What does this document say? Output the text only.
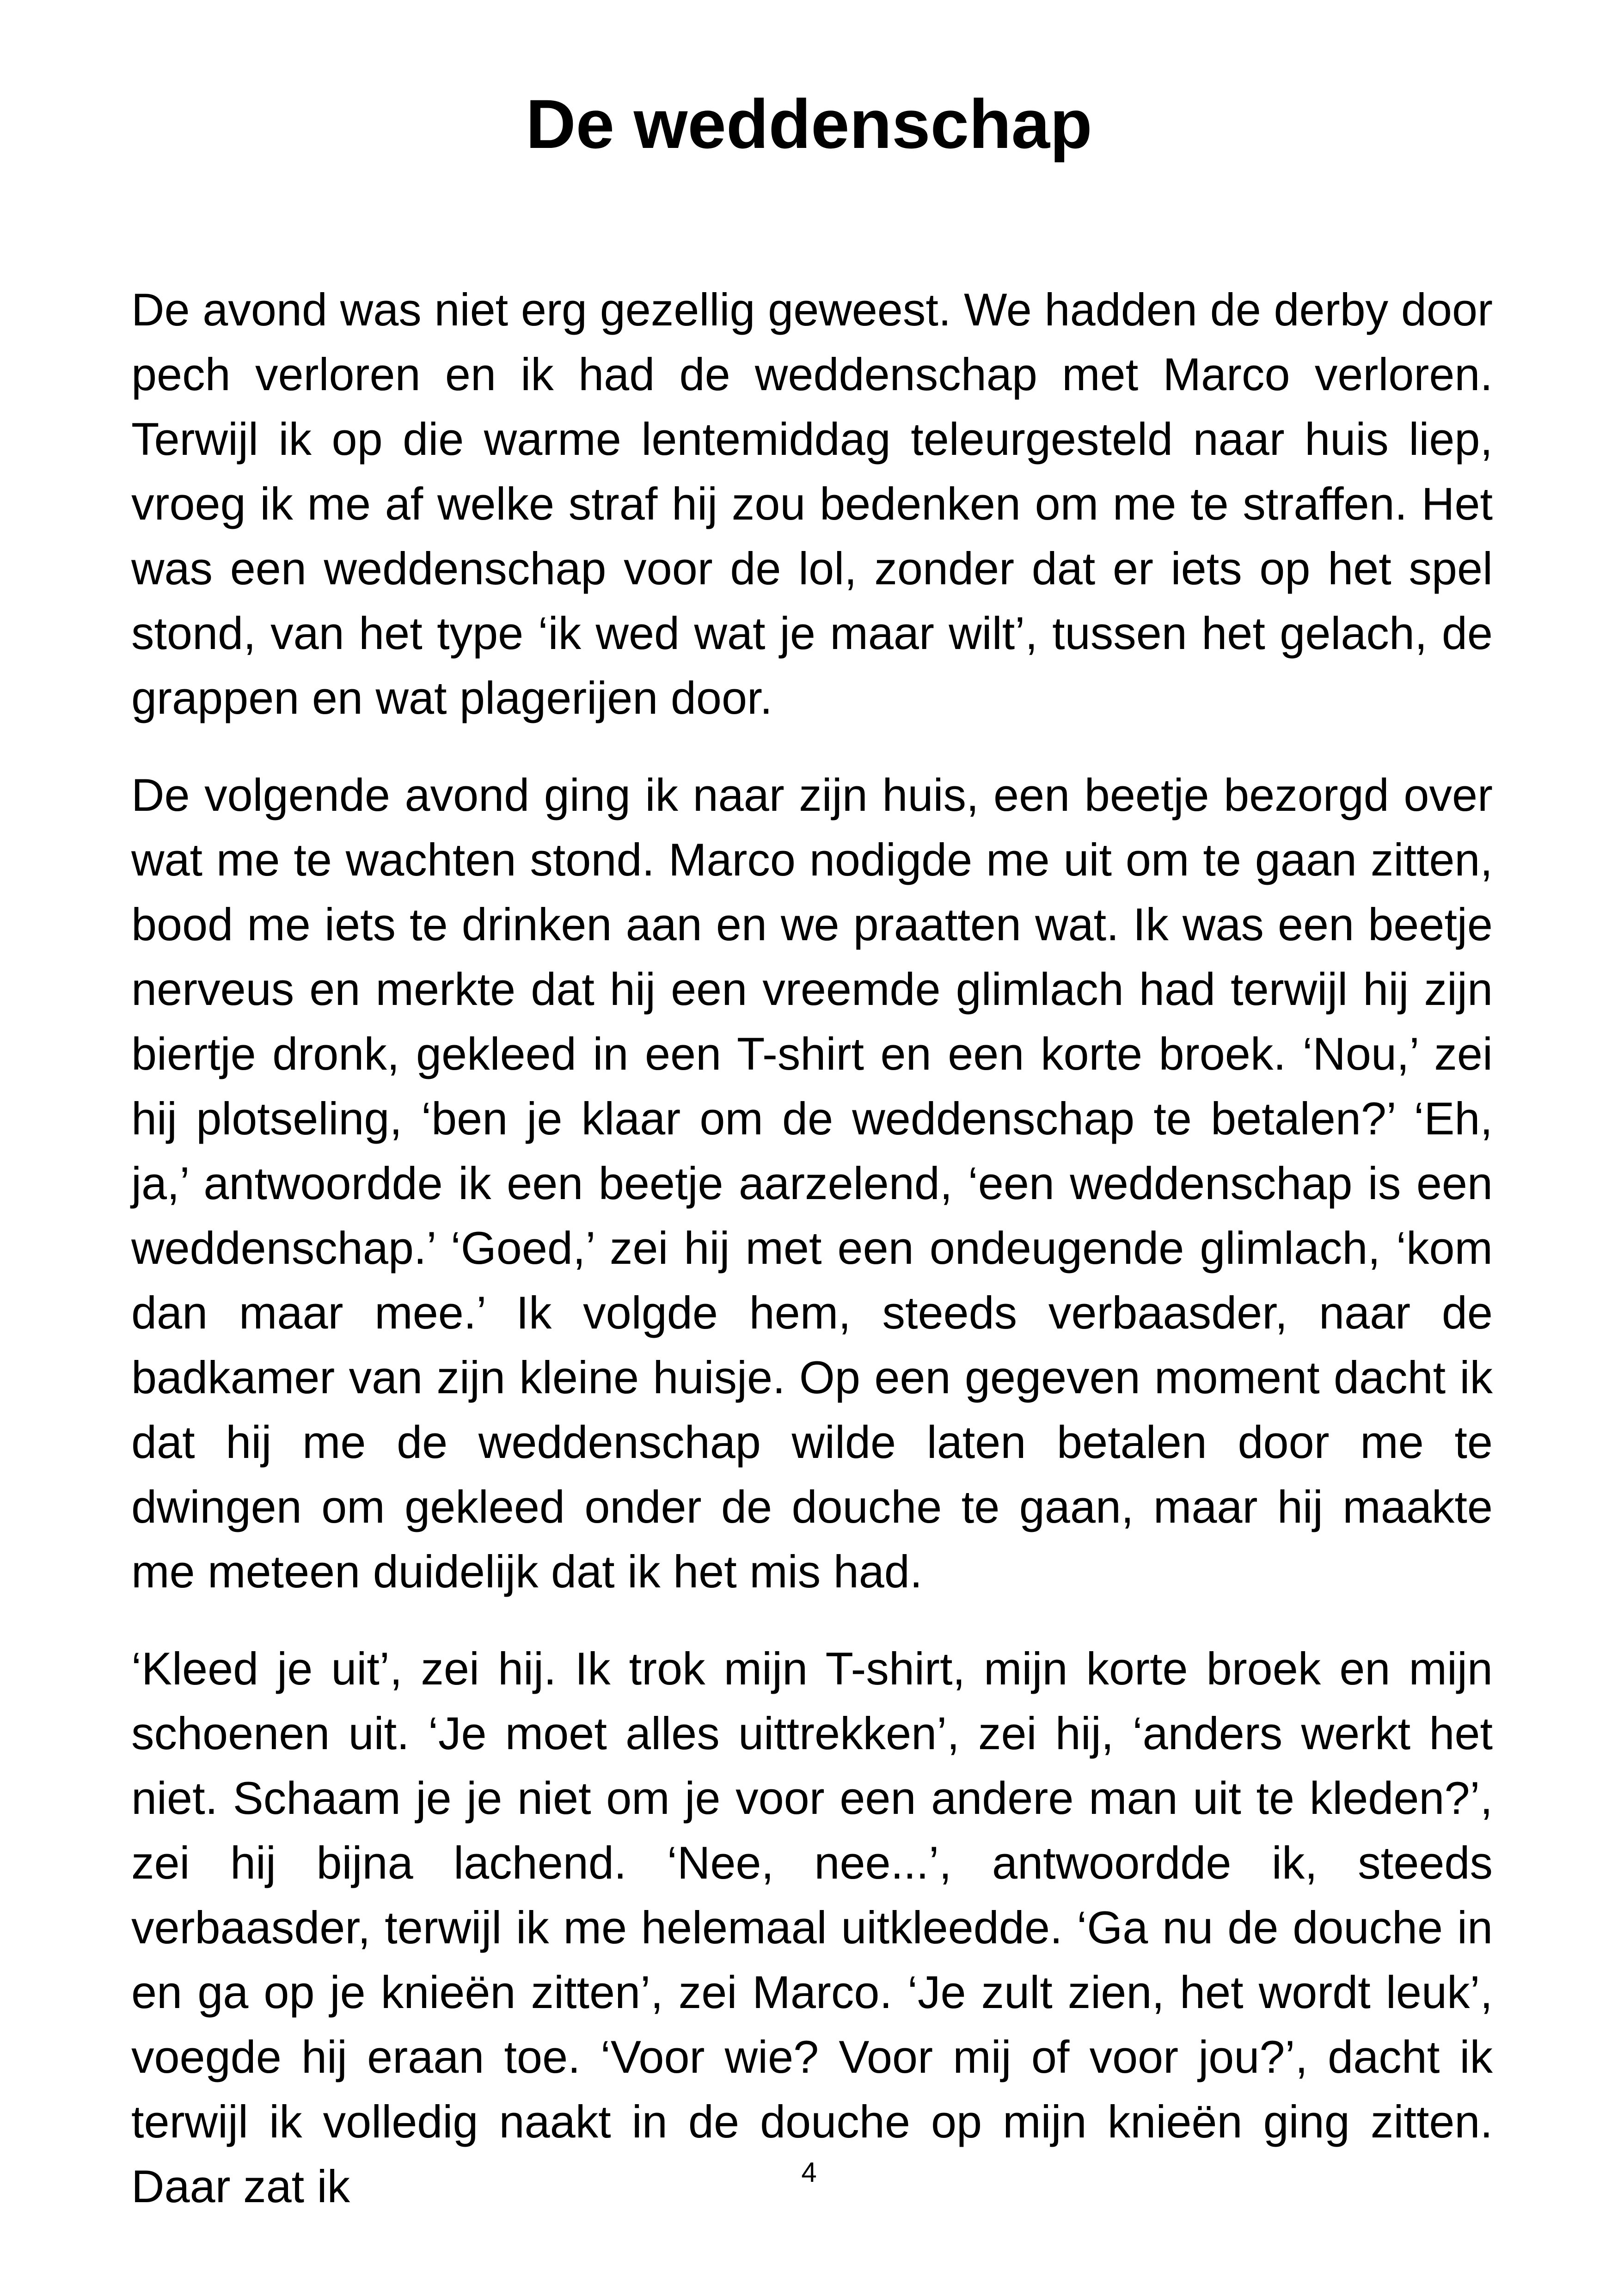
De weddenschap

De avond was niet erg gezellig geweest. We hadden de derby door pech verloren en ik had de weddenschap met Marco verloren. Terwijl ik op die warme lentemiddag teleurgesteld naar huis liep, vroeg ik me af welke straf hij zou bedenken om me te straffen. Het was een weddenschap voor de lol, zonder dat er iets op het spel stond, van het type ‘ik wed wat je maar wilt’, tussen het gelach, de grappen en wat plagerijen door.

De volgende avond ging ik naar zijn huis, een beetje bezorgd over wat me te wachten stond. Marco nodigde me uit om te gaan zitten, bood me iets te drinken aan en we praatten wat. Ik was een beetje nerveus en merkte dat hij een vreemde glimlach had terwijl hij zijn biertje dronk, gekleed in een T-shirt en een korte broek. ‘Nou,’ zei hij plotseling, ‘ben je klaar om de weddenschap te betalen?’ ‘Eh, ja,’ antwoordde ik een beetje aarzelend, ‘een weddenschap is een weddenschap.’ ‘Goed,’ zei hij met een ondeugende glimlach, ‘kom dan maar mee.’ Ik volgde hem, steeds verbaasder, naar de badkamer van zijn kleine huisje. Op een gegeven moment dacht ik dat hij me de weddenschap wilde laten betalen door me te dwingen om gekleed onder de douche te gaan, maar hij maakte me meteen duidelijk dat ik het mis had.

‘Kleed je uit’, zei hij. Ik trok mijn T-shirt, mijn korte broek en mijn schoenen uit. ‘Je moet alles uittrekken’, zei hij, ‘anders werkt het niet. Schaam je je niet om je voor een andere man uit te kleden?’, zei hij bijna lachend. ‘Nee, nee...’, antwoordde ik, steeds verbaasder, terwijl ik me helemaal uitkleedde. ‘Ga nu de douche in en ga op je knieën zitten’, zei Marco. ‘Je zult zien, het wordt leuk’, voegde hij eraan toe. ‘Voor wie? Voor mij of voor jou?’, dacht ik terwijl ik volledig naakt in de douche op mijn knieën ging zitten. Daar zat ik	4
